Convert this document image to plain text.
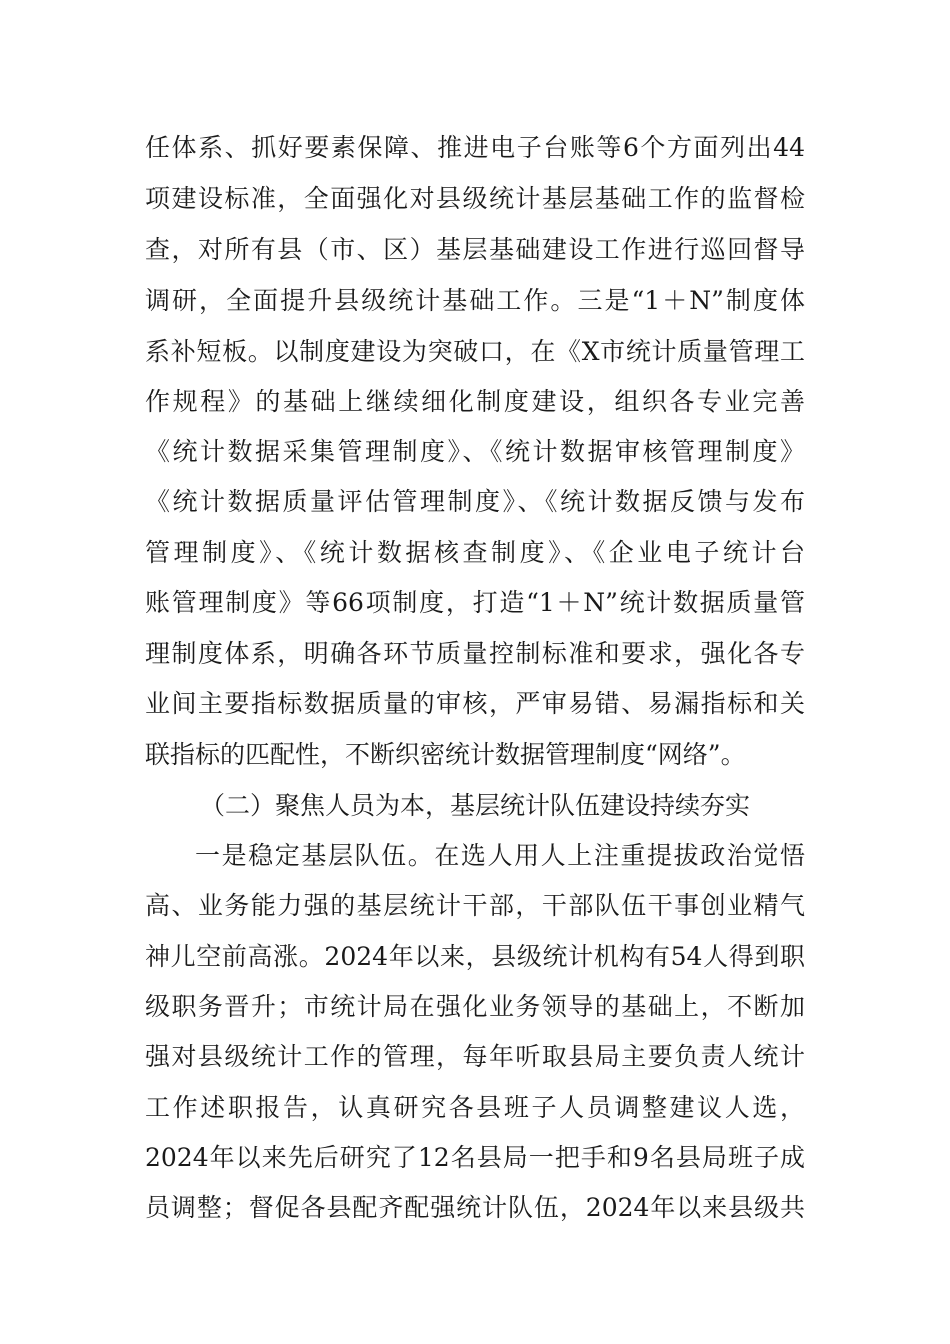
任体系、抓好要素保障、推进电子台账等6个方面列出44
项建设标准，全面强化对县级统计基层基础工作的监督检
查，对所有县（市、区）基层基础建设工作进行巡回督导
调研，全面提升县级统计基础工作。三是“1＋N”制度体
系补短板。以制度建设为突破口，在《X市统计质量管理工
作规程》的基础上继续细化制度建设，组织各专业完善
《统计数据采集管理制度》、《统计数据审核管理制度》
《统计数据质量评估管理制度》、《统计数据反馈与发布
管理制度》、《统计数据核查制度》、《企业电子统计台
账管理制度》等66项制度，打造“1＋N”统计数据质量管
理制度体系，明确各环节质量控制标准和要求，强化各专
业间主要指标数据质量的审核，严审易错、易漏指标和关
联指标的匹配性，不断织密统计数据管理制度“网络”。
（二）聚焦人员为本，基层统计队伍建设持续夯实
一是稳定基层队伍。在选人用人上注重提拔政治觉悟
高、业务能力强的基层统计干部，干部队伍干事创业精气
神儿空前高涨。2024年以来，县级统计机构有54人得到职
级职务晋升；市统计局在强化业务领导的基础上，不断加
强对县级统计工作的管理，每年听取县局主要负责人统计
工作述职报告，认真研究各县班子人员调整建议人选，
2024年以来先后研究了12名县局一把手和9名县局班子成
员调整；督促各县配齐配强统计队伍，2024年以来县级共
